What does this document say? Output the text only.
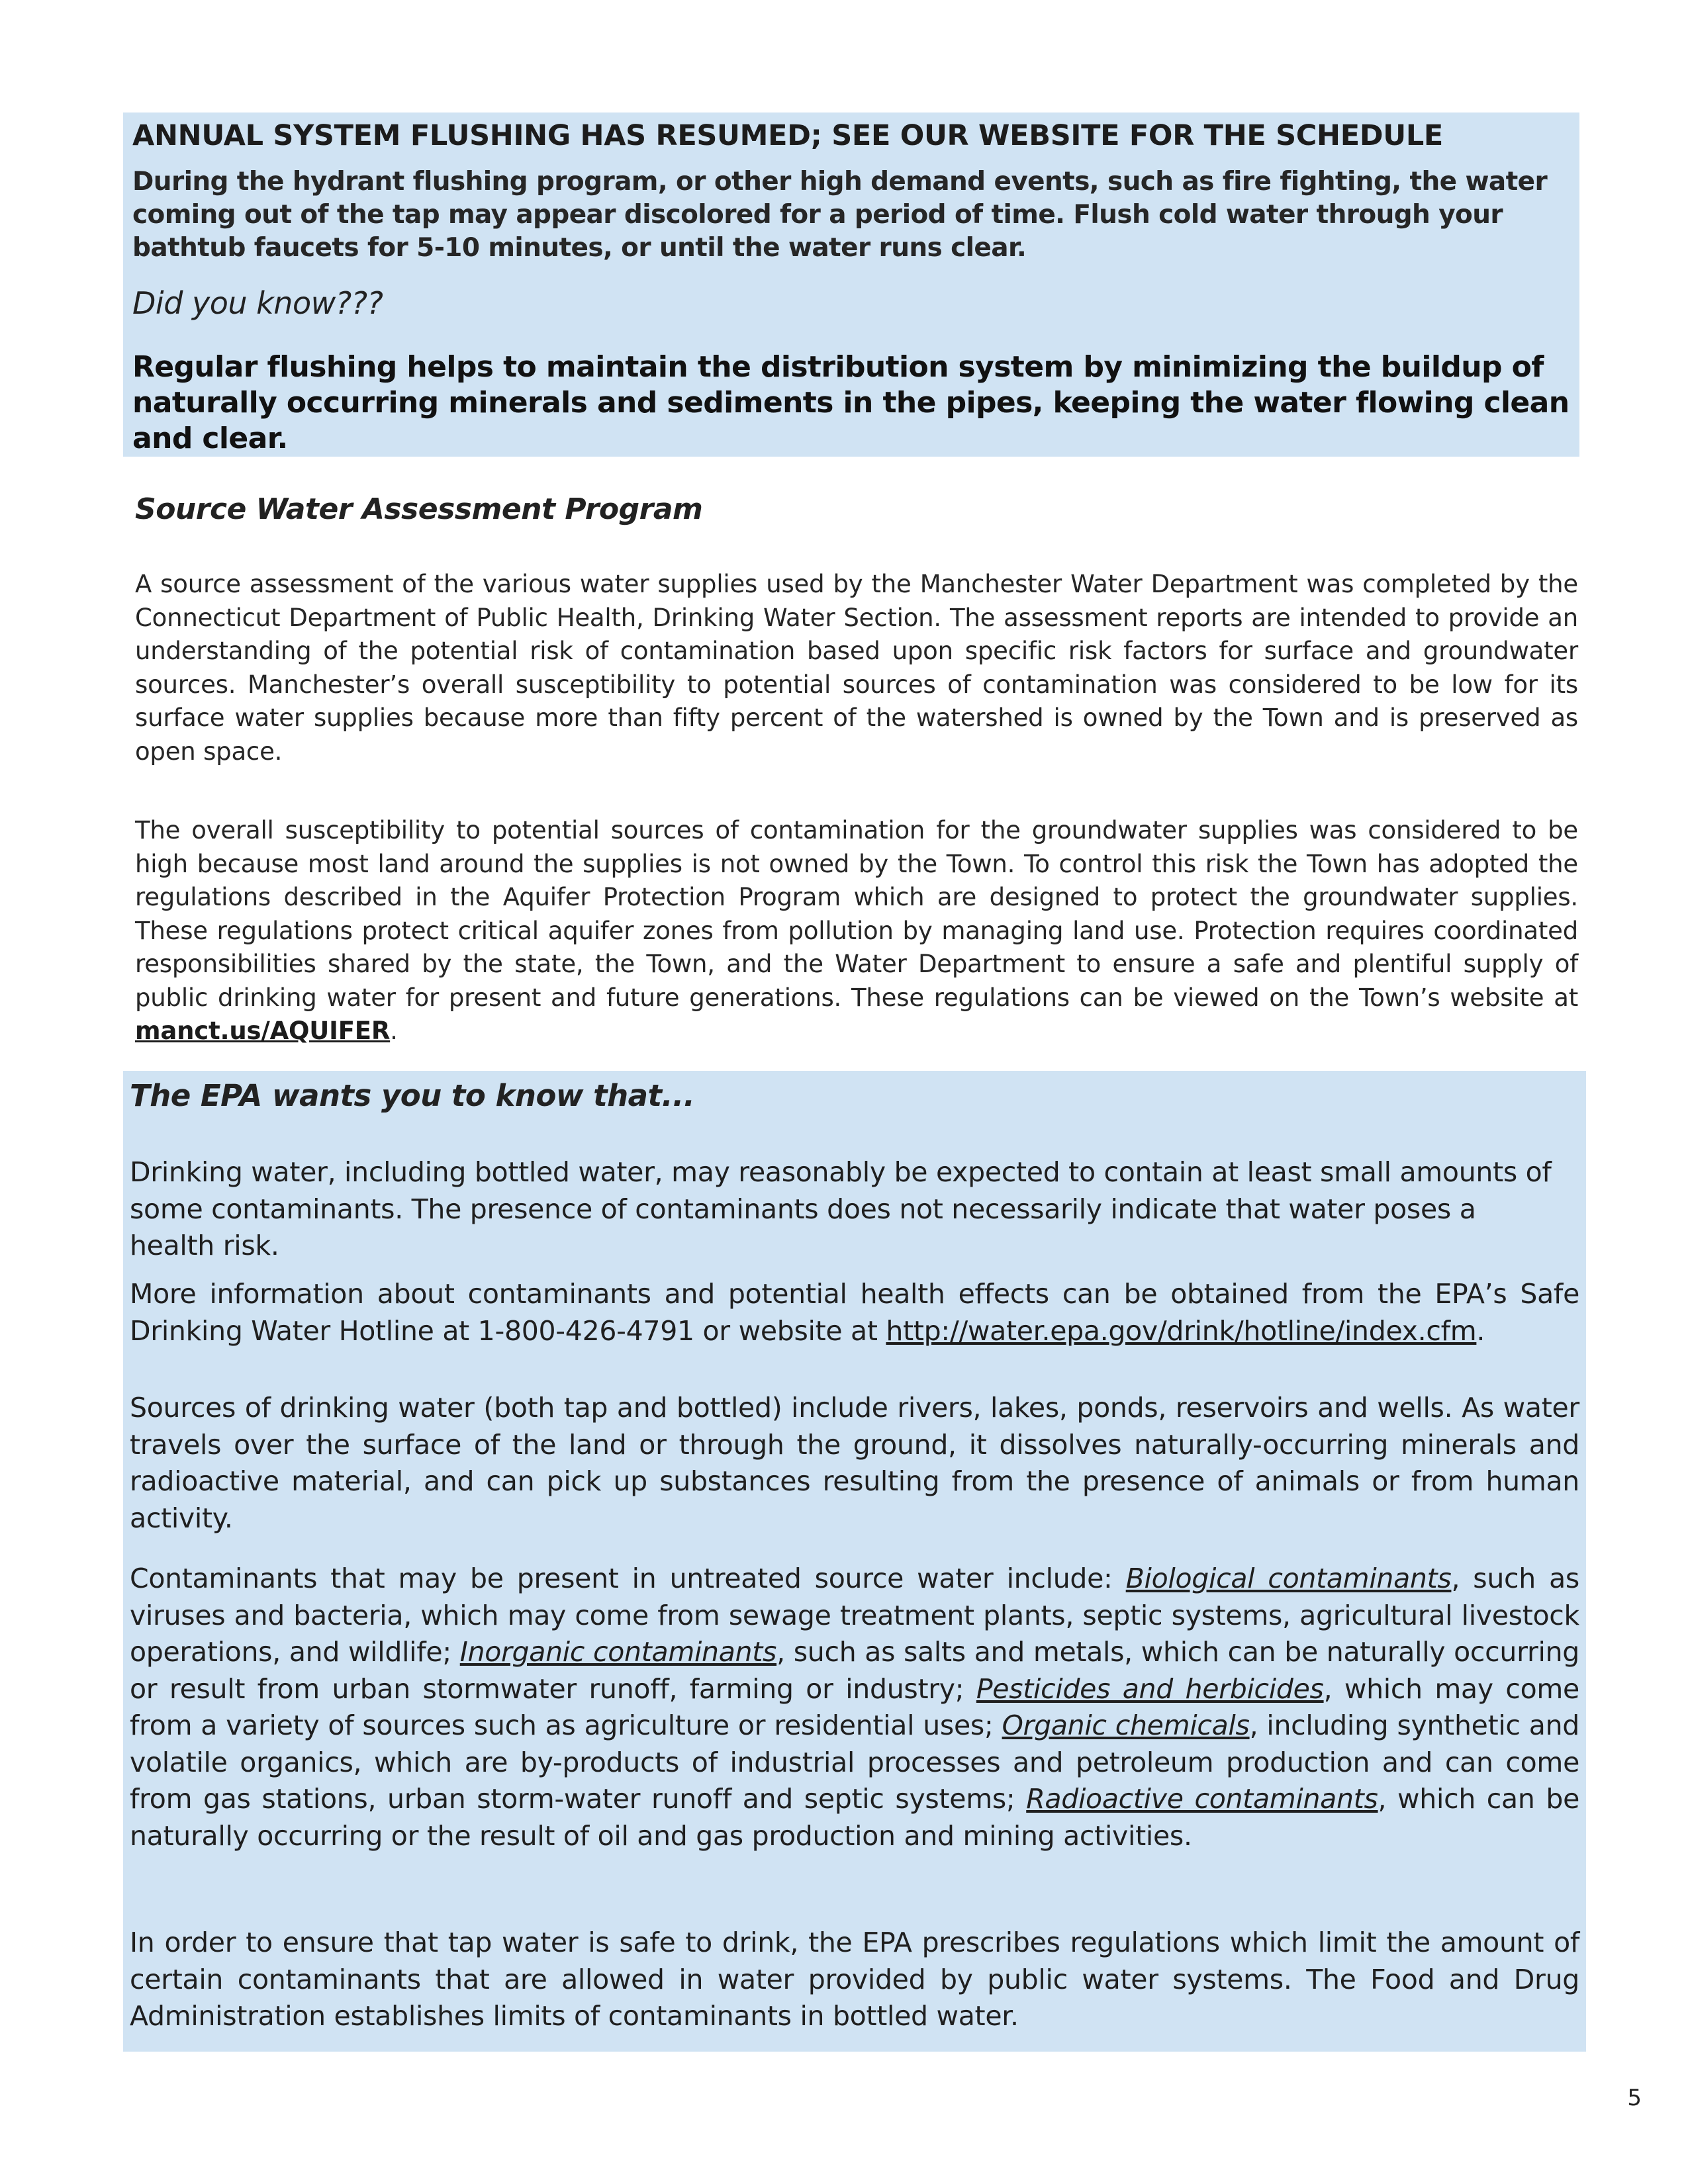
ANNUAL SYSTEM FLUSHING HAS RESUMED; SEE OUR WEBSITE FOR THE SCHEDULE

During the hydrant flushing program, or other high demand events, such as fire fighting, the water coming out of the tap may appear discolored for a period of time. Flush cold water through your bathtub faucets for 5-10 minutes, or until the water runs clear.

Did you know???

Regular flushing helps to maintain the distribution system by minimizing the buildup of naturally occurring minerals and sediments in the pipes, keeping the water flowing clean and clear.

Source Water Assessment Program

A source assessment of the various water supplies used by the Manchester Water Department was completed by the Connecticut Department of Public Health, Drinking Water Section. The assessment reports are intended to provide an understanding of the potential risk of contamination based upon specific risk factors for surface and groundwater sources. Manchester’s overall susceptibility to potential sources of contamination was considered to be low for its surface water supplies because more than fifty percent of the watershed is owned by the Town and is preserved as open space.

The overall susceptibility to potential sources of contamination for the groundwater supplies was considered to be high because most land around the supplies is not owned by the Town. To control this risk the Town has adopted the regulations described in the Aquifer Protection Program which are designed to protect the groundwater supplies. These regulations protect critical aquifer zones from pollution by managing land use. Protection requires coordinated responsibilities shared by the state, the Town, and the Water Department to ensure a safe and plentiful supply of public drinking water for present and future generations. These regulations can be viewed on the Town’s website at manct.us/AQUIFER.

The EPA wants you to know that...

Drinking water, including bottled water, may reasonably be expected to contain at least small amounts of some contaminants. The presence of contaminants does not necessarily indicate that water poses a health risk.

More information about contaminants and potential health effects can be obtained from the EPA’s Safe Drinking Water Hotline at 1-800-426-4791 or website at http://water.epa.gov/drink/hotline/index.cfm.

Sources of drinking water (both tap and bottled) include rivers, lakes, ponds, reservoirs and wells. As water travels over the surface of the land or through the ground, it dissolves naturally-occurring minerals and radioactive material, and can pick up substances resulting from the presence of animals or from human activity.

Contaminants that may be present in untreated source water include: Biological contaminants, such as viruses and bacteria, which may come from sewage treatment plants, septic systems, agricultural livestock operations, and wildlife; Inorganic contaminants, such as salts and metals, which can be naturally occurring or result from urban stormwater runoff, farming or industry; Pesticides and herbicides, which may come from a variety of sources such as agriculture or residential uses; Organic chemicals, including synthetic and volatile organics, which are by-products of industrial processes and petroleum production and can come from gas stations, urban storm-water runoff and septic systems; Radioactive contaminants, which can be naturally occurring or the result of oil and gas production and mining activities.

In order to ensure that tap water is safe to drink, the EPA prescribes regulations which limit the amount of certain contaminants that are allowed in water provided by public water systems. The Food and Drug Administration establishes limits of contaminants in bottled water.

5
